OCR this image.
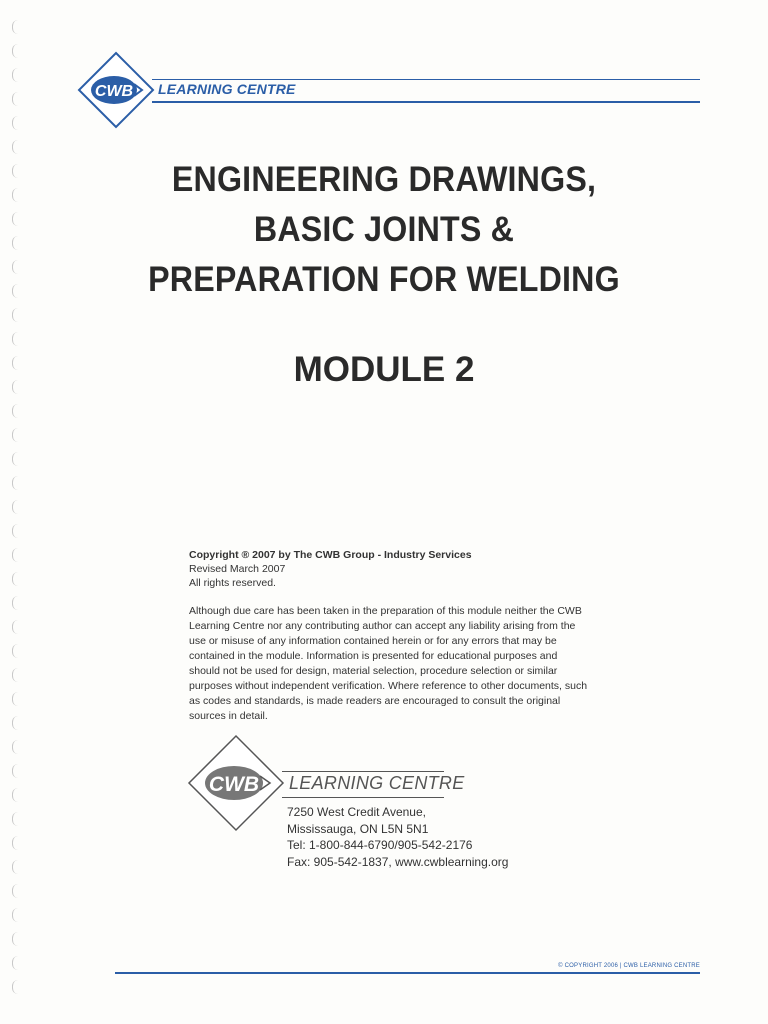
CWB LEARNING CENTRE
ENGINEERING DRAWINGS,
BASIC JOINTS &
PREPARATION FOR WELDING
MODULE 2
Copyright ® 2007 by The CWB Group - Industry Services
Revised March 2007
All rights reserved.
Although due care has been taken in the preparation of this module neither the CWB Learning Centre nor any contributing author can accept any liability arising from the use or misuse of any information contained herein or for any errors that may be contained in the module. Information is presented for educational purposes and should not be used for design, material selection, procedure selection or similar purposes without independent verification. Where reference to other documents, such as codes and standards, is made readers are encouraged to consult the original sources in detail.
CWB LEARNING CENTRE
7250 West Credit Avenue,
Mississauga, ON L5N 5N1
Tel: 1-800-844-6790/905-542-2176
Fax: 905-542-1837, www.cwblearning.org
© COPYRIGHT 2006 | CWB LEARNING CENTRE
